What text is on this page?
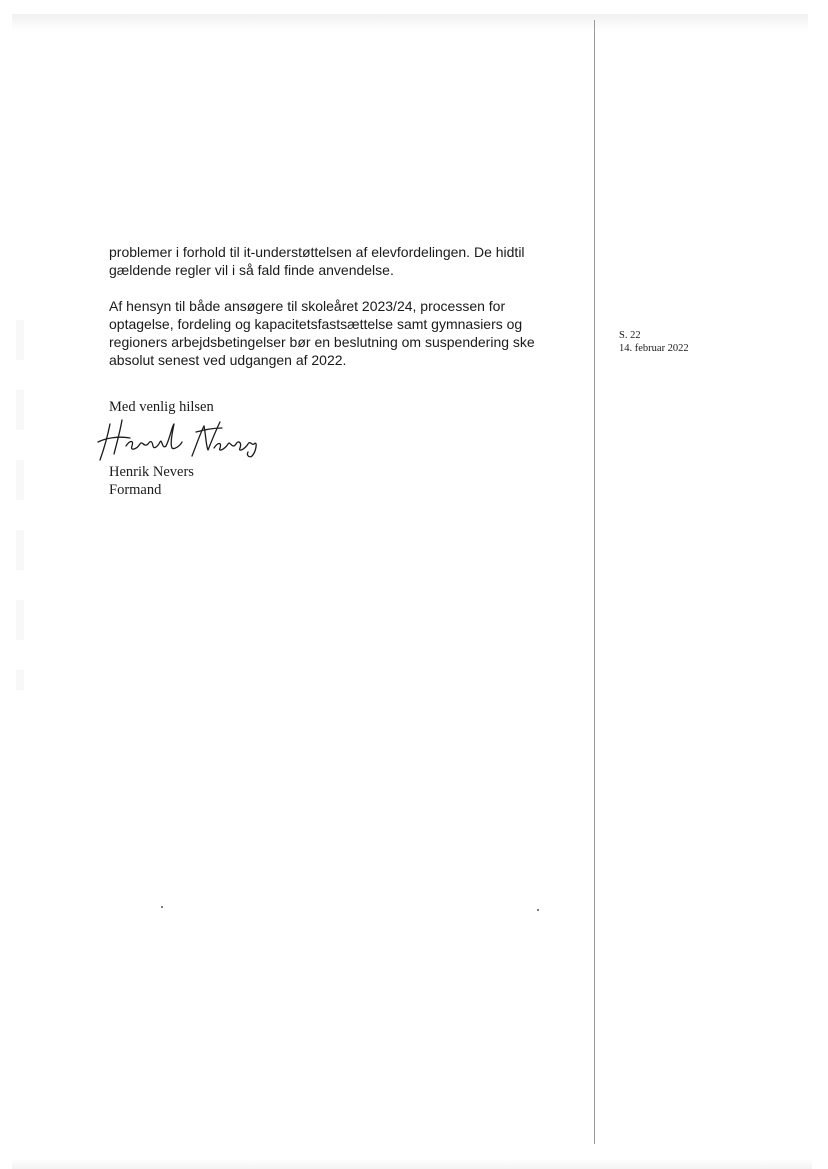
problemer i forhold til it-understøttelsen af elevfordelingen. De hidtil
gældende regler vil i så fald finde anvendelse.

Af hensyn til både ansøgere til skoleåret 2023/24, processen for
optagelse, fordeling og kapacitetsfastsættelse samt gymnasiers og
regioners arbejdsbetingelser bør en beslutning om suspendering ske
absolut senest ved udgangen af 2022.

Med venlig hilsen

Henrik Nevers

Formand

S. 22

14. februar 2022
